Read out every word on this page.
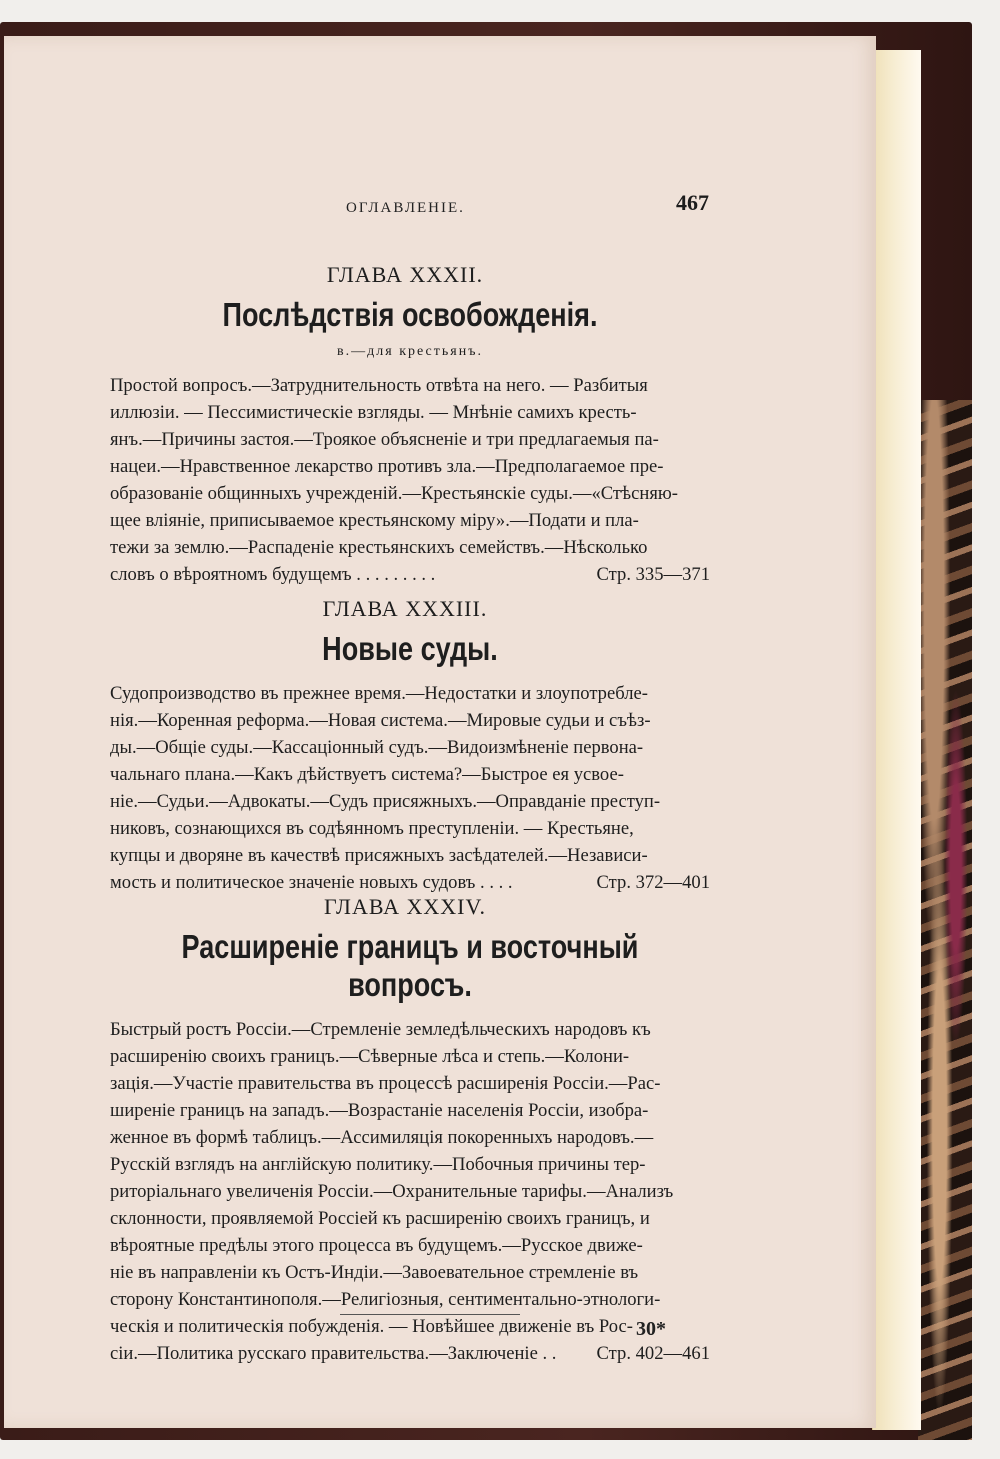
ОГЛАВЛЕНІЕ.	467
ГЛАВА XXXII.
Послѣдствія освобожденія.
в.—для крестьянъ.
Простой вопросъ.—Затруднительность отвѣта на него. — Разбитыя
иллюзіи. — Пессимистическіе взгляды. — Мнѣніе самихъ кресть-
янъ.—Причины застоя.—Троякое объясненіе и три предлагаемыя па-
нацеи.—Нравственное лекарство противъ зла.—Предполагаемое пре-
образованіе общинныхъ учрежденій.—Крестьянскіе суды.—«Стѣсняю-
щее вліяніе, приписываемое крестьянскому міру».—Подати и пла-
тежи за землю.—Распаденіе крестьянскихъ семействъ.—Нѣсколько
словъ о вѣроятномъ будущемъ . . . . . . . . .	Стр. 335—371
ГЛАВА XXXIII.
Новые суды.
Судопроизводство въ прежнее время.—Недостатки и злоупотребле-
нія.—Коренная реформа.—Новая система.—Мировые судьи и съѣз-
ды.—Общіе суды.—Кассаціонный судъ.—Видоизмѣненіе первона-
чальнаго плана.—Какъ дѣйствуетъ система?—Быстрое ея усвое-
ніе.—Судьи.—Адвокаты.—Судъ присяжныхъ.—Оправданіе преступ-
никовъ, сознающихся въ содѣянномъ преступленіи. — Крестьяне,
купцы и дворяне въ качествѣ присяжныхъ засѣдателей.—Независи-
мость и политическое значеніе новыхъ судовъ . . . .	Стр. 372—401
ГЛАВА XXXIV.
Расширеніе границъ и восточный вопросъ.
Быстрый ростъ Россіи.—Стремленіе земледѣльческихъ народовъ къ
расширенію своихъ границъ.—Сѣверные лѣса и степь.—Колони-
зація.—Участіе правительства въ процессѣ расширенія Россіи.—Рас-
ширеніе границъ на западъ.—Возрастаніе населенія Россіи, изобра-
женное въ формѣ таблицъ.—Ассимиляція покоренныхъ народовъ.—
Русскій взглядъ на англійскую политику.—Побочныя причины тер-
риторіальнаго увеличенія Россіи.—Охранительные тарифы.—Анализъ
склонности, проявляемой Россіей къ расширенію своихъ границъ, и
вѣроятные предѣлы этого процесса въ будущемъ.—Русское движе-
ніе въ направленіи къ Остъ-Индіи.—Завоевательное стремленіе въ
сторону Константинополя.—Религіозныя, сентиментально-этнологи-
ческія и политическія побужденія. — Новѣйшее движеніе въ Рос-
сіи.—Политика русскаго правительства.—Заключеніе . . Стр. 402—461
30*
